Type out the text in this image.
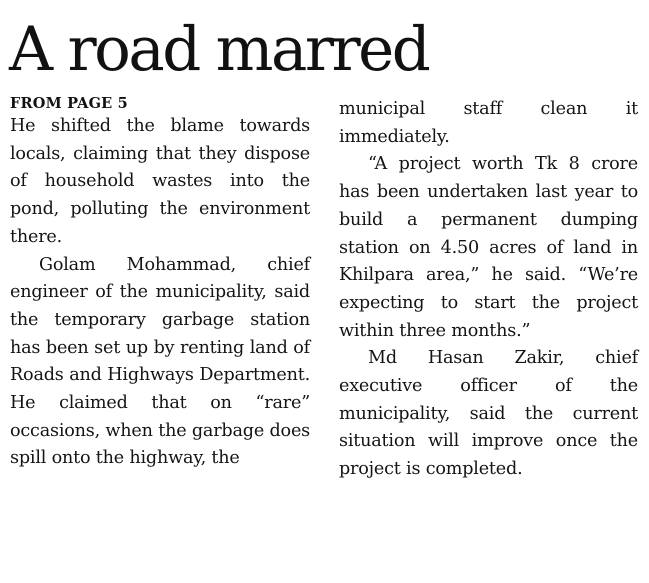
A road marred
FROM PAGE 5

He shifted the blame towards locals, claiming that they dispose of household wastes into the pond, polluting the environment there.

Golam Mohammad, chief engineer of the municipality, said the temporary garbage station has been set up by renting land of Roads and Highways Department. He claimed that on “rare” occasions, when the garbage does spill onto the highway, the

municipal staff clean it immediately.

“A project worth Tk 8 crore has been undertaken last year to build a permanent dumping station on 4.50 acres of land in Khilpara area,” he said. “We’re expecting to start the project within three months.”

Md Hasan Zakir, chief executive officer of the municipality, said the current situation will improve once the project is completed.
